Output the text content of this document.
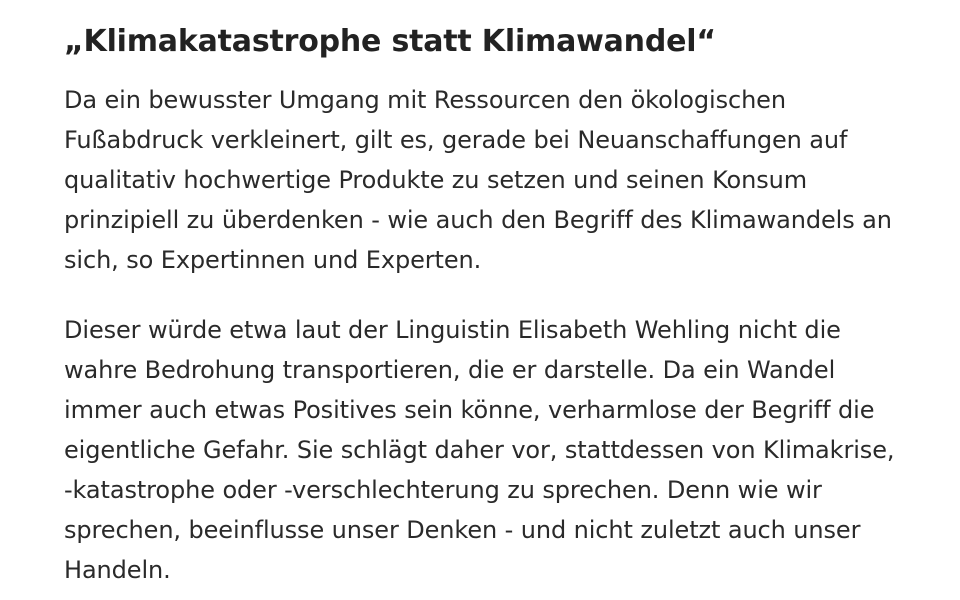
„Klimakatastrophe statt Klimawandel“

Da ein bewusster Umgang mit Ressourcen den ökologischen Fußabdruck verkleinert, gilt es, gerade bei Neuanschaffungen auf qualitativ hochwertige Produkte zu setzen und seinen Konsum prinzipiell zu überdenken - wie auch den Begriff des Klimawandels an sich, so Expertinnen und Experten.

Dieser würde etwa laut der Linguistin Elisabeth Wehling nicht die wahre Bedrohung transportieren, die er darstelle. Da ein Wandel immer auch etwas Positives sein könne, verharmlose der Begriff die eigentliche Gefahr. Sie schlägt daher vor, stattdessen von Klimakrise, -katastrophe oder -verschlechterung zu sprechen. Denn wie wir sprechen, beeinflusse unser Denken - und nicht zuletzt auch unser Handeln.
